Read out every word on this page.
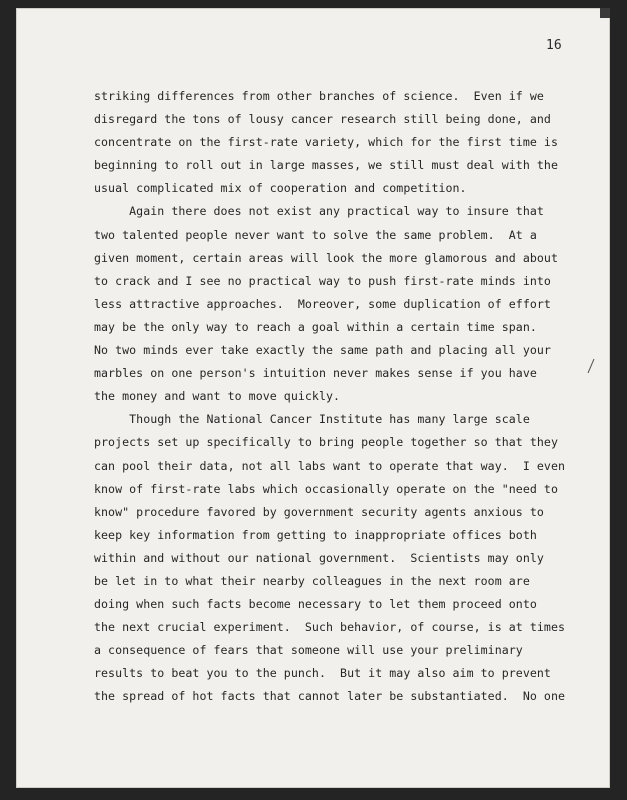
16

striking differences from other branches of science.  Even if we
disregard the tons of lousy cancer research still being done, and
concentrate on the first-rate variety, which for the first time is
beginning to roll out in large masses, we still must deal with the
usual complicated mix of cooperation and competition.
Again there does not exist any practical way to insure that
two talented people never want to solve the same problem.  At a
given moment, certain areas will look the more glamorous and about
to crack and I see no practical way to push first-rate minds into
less attractive approaches.  Moreover, some duplication of effort
may be the only way to reach a goal within a certain time span.
No two minds ever take exactly the same path and placing all your
marbles on one person's intuition never makes sense if you have
the money and want to move quickly.
Though the National Cancer Institute has many large scale
projects set up specifically to bring people together so that they
can pool their data, not all labs want to operate that way.  I even
know of first-rate labs which occasionally operate on the "need to
know" procedure favored by government security agents anxious to
keep key information from getting to inappropriate offices both
within and without our national government.  Scientists may only
be let in to what their nearby colleagues in the next room are
doing when such facts become necessary to let them proceed onto
the next crucial experiment.  Such behavior, of course, is at times
a consequence of fears that someone will use your preliminary
results to beat you to the punch.  But it may also aim to prevent
the spread of hot facts that cannot later be substantiated.  No one
